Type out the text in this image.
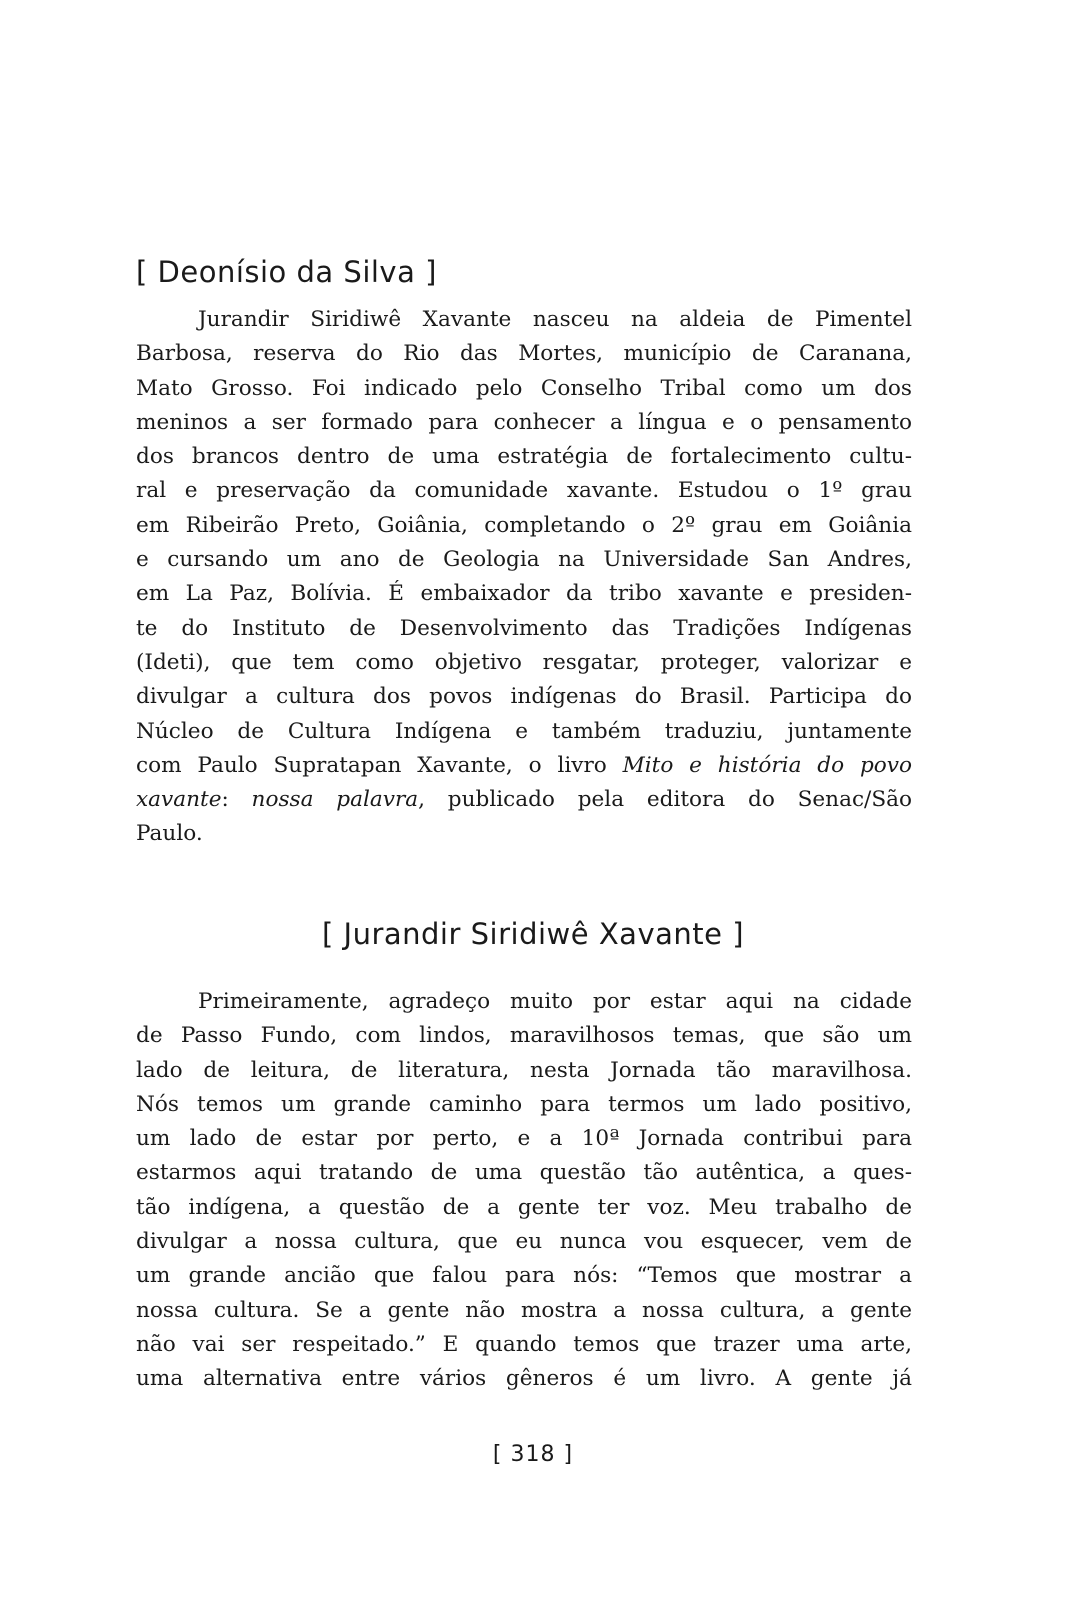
[ Deonísio da Silva ]
Jurandir Siridiwê Xavante nasceu na aldeia de Pimentel
Barbosa, reserva do Rio das Mortes, município de Caranana,
Mato Grosso. Foi indicado pelo Conselho Tribal como um dos
meninos a ser formado para conhecer a língua e o pensamento
dos brancos dentro de uma estratégia de fortalecimento cultu-
ral e preservação da comunidade xavante. Estudou o 1º grau
em Ribeirão Preto, Goiânia, completando o 2º grau em Goiânia
e cursando um ano de Geologia na Universidade San Andres,
em La Paz, Bolívia. É embaixador da tribo xavante e presiden-
te do Instituto de Desenvolvimento das Tradições Indígenas
(Ideti), que tem como objetivo resgatar, proteger, valorizar e
divulgar a cultura dos povos indígenas do Brasil. Participa do
Núcleo de Cultura Indígena e também traduziu, juntamente
com Paulo Supratapan Xavante, o livro Mito e história do povo
xavante: nossa palavra, publicado pela editora do Senac/São
Paulo.
[ Jurandir Siridiwê Xavante ]
Primeiramente, agradeço muito por estar aqui na cidade
de Passo Fundo, com lindos, maravilhosos temas, que são um
lado de leitura, de literatura, nesta Jornada tão maravilhosa.
Nós temos um grande caminho para termos um lado positivo,
um lado de estar por perto, e a 10ª Jornada contribui para
estarmos aqui tratando de uma questão tão autêntica, a ques-
tão indígena, a questão de a gente ter voz. Meu trabalho de
divulgar a nossa cultura, que eu nunca vou esquecer, vem de
um grande ancião que falou para nós: “Temos que mostrar a
nossa cultura. Se a gente não mostra a nossa cultura, a gente
não vai ser respeitado.” E quando temos que trazer uma arte,
uma alternativa entre vários gêneros é um livro. A gente já
[ 318 ]
